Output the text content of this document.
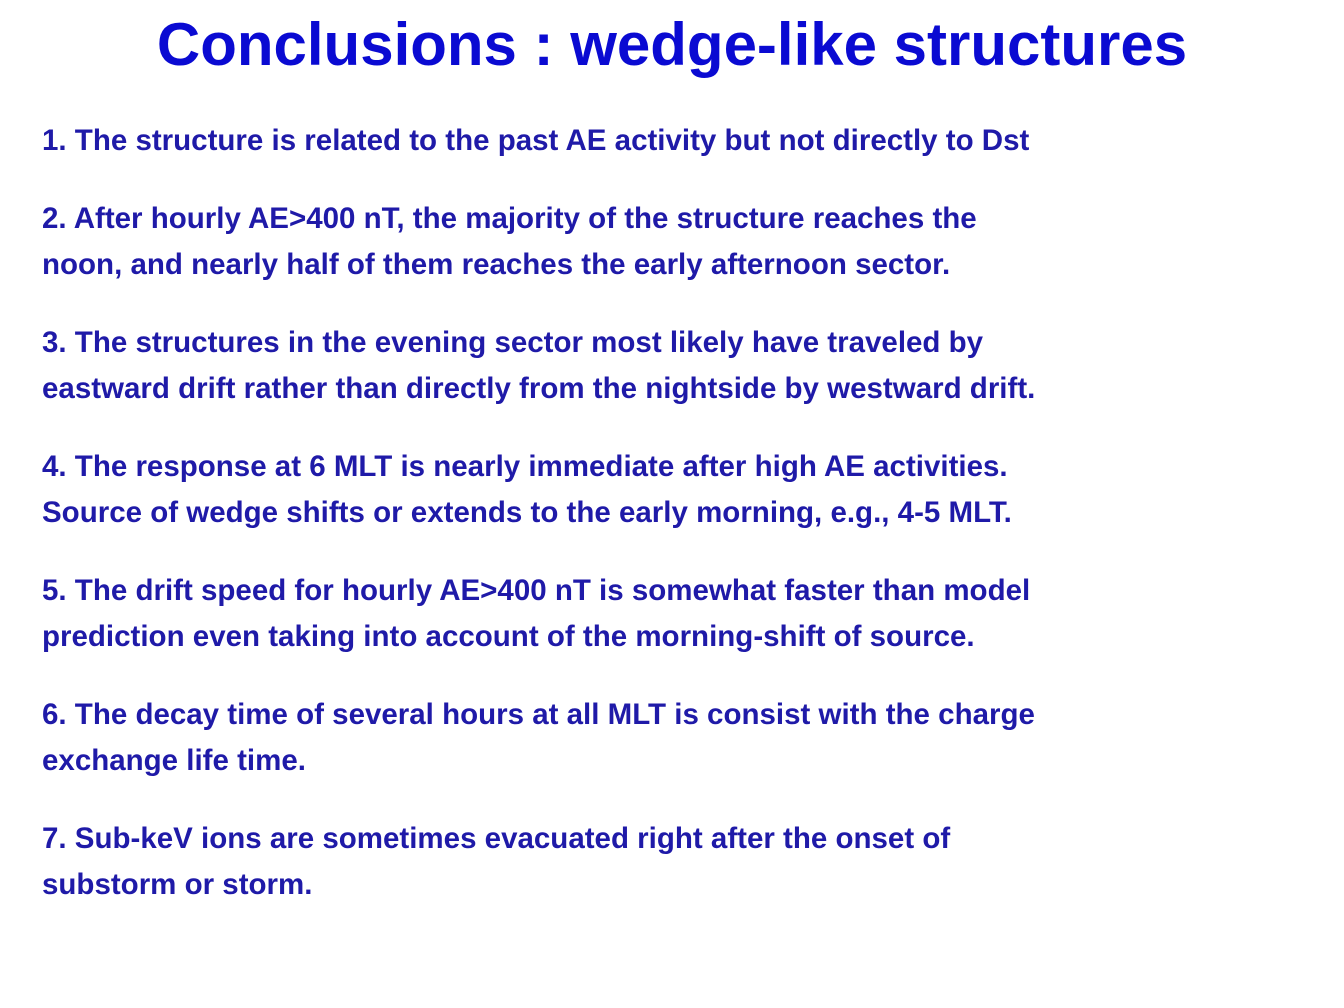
Conclusions : wedge-like structures
1. The structure is related to the past AE activity but not directly to Dst
2. After hourly AE>400 nT, the majority of the structure reaches the
noon, and nearly half of them reaches the early afternoon sector.
3. The structures in the evening sector most likely have traveled by
eastward drift rather than directly from the nightside by westward drift.
4. The response at 6 MLT is nearly immediate after high AE activities.
Source of wedge shifts or extends to the early morning, e.g., 4-5 MLT.
5. The drift speed for hourly AE>400 nT is somewhat faster than model
prediction even taking into account of the morning-shift of source.
6. The decay time of several hours at all MLT is consist with the charge
exchange life time.
7. Sub-keV ions are sometimes evacuated right after the onset of
substorm or storm.
